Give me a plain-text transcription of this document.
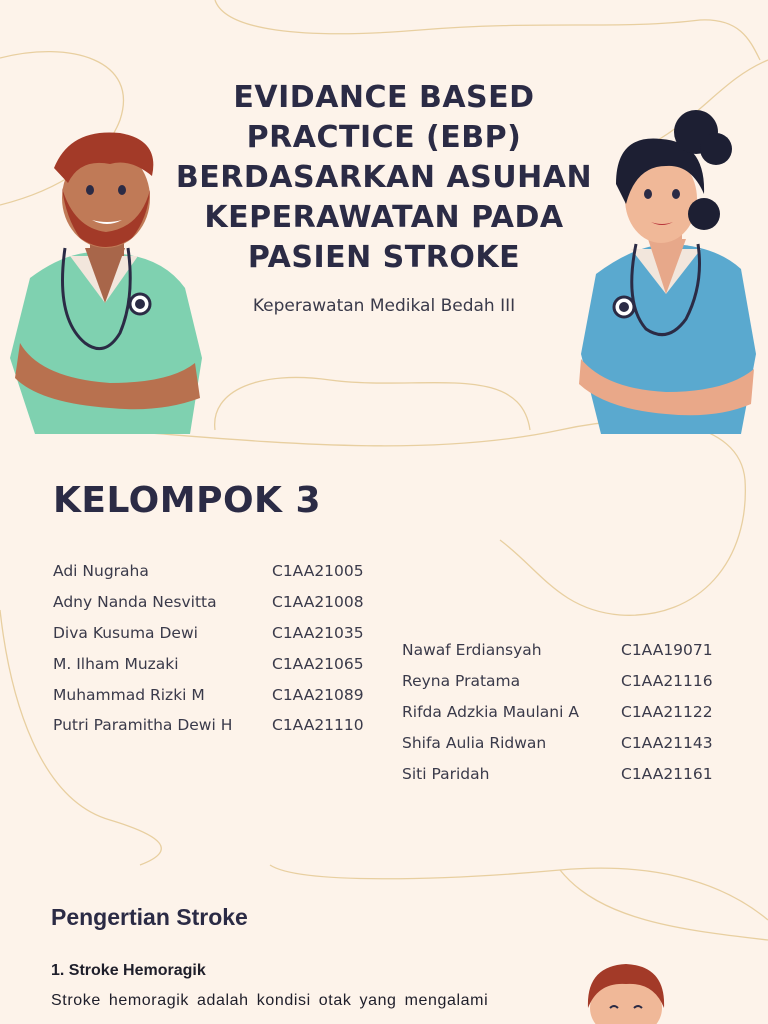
EVIDANCE BASED
PRACTICE (EBP)
BERDASARKAN ASUHAN
KEPERAWATAN PADA
PASIEN STROKE

Keperawatan Medikal Bedah III

KELOMPOK 3
Adi Nugraha	C1AA21005
Adny Nanda Nesvitta	C1AA21008
Diva Kusuma Dewi	C1AA21035
M. Ilham Muzaki	C1AA21065
Muhammad Rizki M	C1AA21089
Putri Paramitha Dewi H	C1AA21110
Nawaf Erdiansyah	C1AA19071
Reyna Pratama	C1AA21116
Rifda Adzkia Maulani A	C1AA21122
Shifa Aulia Ridwan	C1AA21143
Siti Paridah	C1AA21161
Pengertian Stroke
1. Stroke Hemoragik

Stroke hemoragik adalah kondisi otak yang mengalami
